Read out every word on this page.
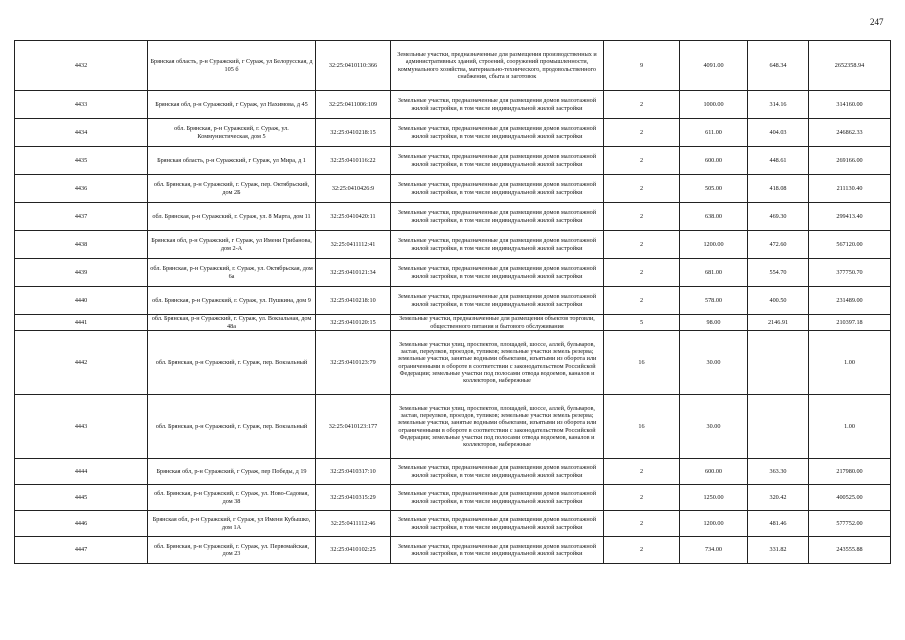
247
4432	Брянская область, р-н Суражский, г Сураж, ул Белорусская, д 105 б	32:25:0410110:366	Земельные участки, предназначенные для размещения производственных и административных зданий, строений, сооружений промышленности, коммунального хозяйства, материально-технического, продовольственного снабжения, сбыта и заготовок	9	4091.00	648.34	2652358.94
4433	Брянская обл, р-н Суражский, г Сураж, ул Нахимова, д 45	32:25:0411006:109	Земельные участки, предназначенные для размещения домов малоэтажной жилой застройки, в том числе индивидуальной жилой застройки	2	1000.00	314.16	314160.00
4434	обл. Брянская, р-н Суражский, г. Сураж, ул. Коммунистическая, дом 5	32:25:0410218:15	Земельные участки, предназначенные для размещения домов малоэтажной жилой застройки, в том числе индивидуальной жилой застройки	2	611.00	404.03	246862.33
4435	Брянская область, р-н Суражский, г Сураж, ул Мира, д 1	32:25:0410116:22	Земельные участки, предназначенные для размещения домов малоэтажной жилой застройки, в том числе индивидуальной жилой застройки	2	600.00	448.61	269166.00
4436	обл. Брянская, р-н Суражский, г. Сураж, пер. Октябрьский, дом 2Б	32:25:0410426:9	Земельные участки, предназначенные для размещения домов малоэтажной жилой застройки, в том числе индивидуальной жилой застройки	2	505.00	418.08	211130.40
4437	обл. Брянская, р-н Суражский, г. Сураж, ул. 8 Марта, дом 11	32:25:0410420:11	Земельные участки, предназначенные для размещения домов малоэтажной жилой застройки, в том числе индивидуальной жилой застройки	2	638.00	469.30	299413.40
4438	Брянская обл, р-н Суражский, г Сураж, ул Имени Грибанова, дом 2-А	32:25:0411112:41	Земельные участки, предназначенные для размещения домов малоэтажной жилой застройки, в том числе индивидуальной жилой застройки	2	1200.00	472.60	567120.00
4439	обл. Брянская, р-н Суражский, г. Сураж, ул. Октябрьская, дом 6а	32:25:0410121:34	Земельные участки, предназначенные для размещения домов малоэтажной жилой застройки, в том числе индивидуальной жилой застройки	2	681.00	554.70	377750.70
4440	обл. Брянская, р-н Суражский, г. Сураж, ул. Пушкина, дом 9	32:25:0410218:10	Земельные участки, предназначенные для размещения домов малоэтажной жилой застройки, в том числе индивидуальной жилой застройки	2	578.00	400.50	231489.00
4441	обл. Брянская, р-н Суражский, г. Сураж, ул. Вокзальная, дом 48а	32:25:0410120:15	Земельные участки, предназначенные для размещения объектов торговли, общественного питания и бытового обслуживания	5	98.00	2146.91	210397.18
4442	обл. Брянская, р-н Суражский, г. Сураж, пер. Вокзальный	32:25:0410123:79	Земельные участки улиц, проспектов, площадей, шоссе, аллей, бульваров, застав, переулков, проездов, тупиков; земельные участки земель резерва; земельные участки, занятые водными объектами, изъятыми из оборота или ограниченными в обороте в соответствии с законодательством Российской Федерации; земельные участки под полосами отвода водоемов, каналов и коллекторов, набережные	16	30.00		1.00
4443	обл. Брянская, р-н Суражский, г. Сураж, пер. Вокзальный	32:25:0410123:177	Земельные участки улиц, проспектов, площадей, шоссе, аллей, бульваров, застав, переулков, проездов, тупиков; земельные участки земель резерва; земельные участки, занятые водными объектами, изъятыми из оборота или ограниченными в обороте в соответствии с законодательством Российской Федерации; земельные участки под полосами отвода водоемов, каналов и коллекторов, набережные	16	30.00		1.00
4444	Брянская обл, р-н Суражский, г Сураж, пер Победы, д 19	32:25:0410317:10	Земельные участки, предназначенные для размещения домов малоэтажной жилой застройки, в том числе индивидуальной жилой застройки	2	600.00	363.30	217980.00
4445	обл. Брянская, р-н Суражский, г. Сураж, ул. Ново-Садовая, дом 38	32:25:0410315:29	Земельные участки, предназначенные для размещения домов малоэтажной жилой застройки, в том числе индивидуальной жилой застройки	2	1250.00	320.42	400525.00
4446	Брянская обл, р-н Суражский, г Сураж, ул Имени Кубышко, дом 1А	32:25:0411112:46	Земельные участки, предназначенные для размещения домов малоэтажной жилой застройки, в том числе индивидуальной жилой застройки	2	1200.00	481.46	577752.00
4447	обл. Брянская, р-н Суражский, г. Сураж, ул. Первомайская, дом 23	32:25:0410102:25	Земельные участки, предназначенные для размещения домов малоэтажной жилой застройки, в том числе индивидуальной жилой застройки	2	734.00	331.82	243555.88
